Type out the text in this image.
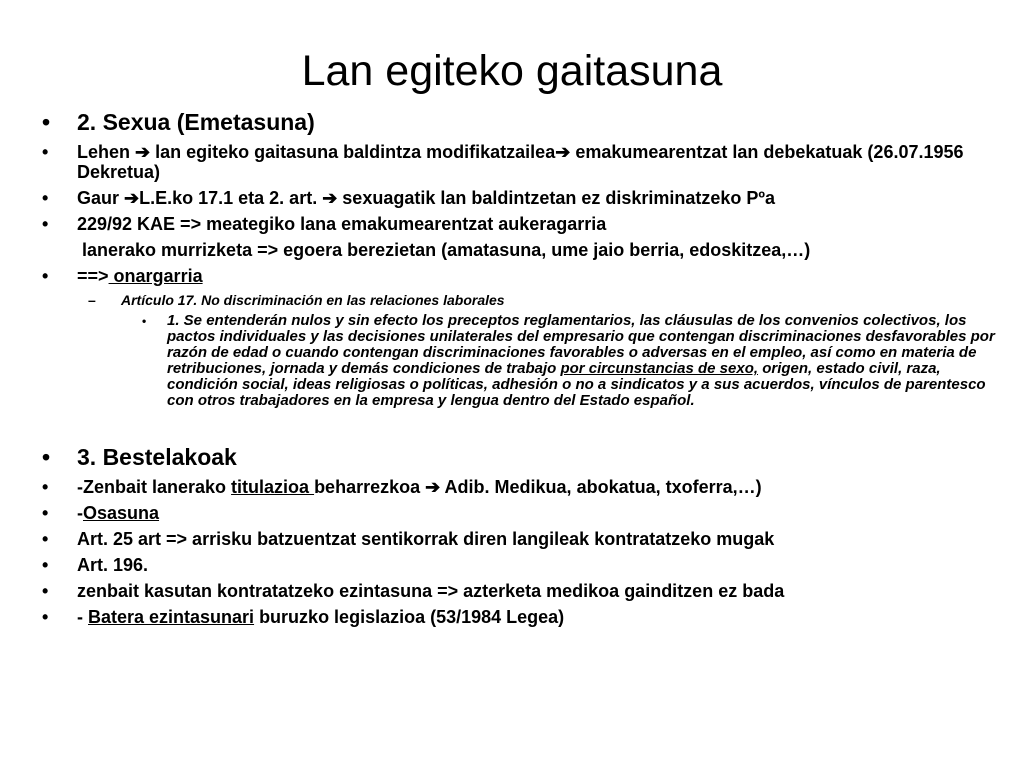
Lan egiteko gaitasuna
• 2. Sexua (Emetasuna)
• Lehen ➔ lan egiteko gaitasuna baldintza modifikatzailea➔ emakumearentzat lan debekatuak (26.07.1956 Dekretua)
• Gaur ➔L.E.ko 17.1 eta 2. art. ➔ sexuagatik lan baldintzetan ez diskriminatzeko Pºa
• 229/92 KAE => meategiko lana emakumearentzat aukeragarria
lanerako murrizketa => egoera berezietan (amatasuna, ume jaio berria, edoskitzea,…)
• ==> onargarria
– Artículo 17. No discriminación en las relaciones laborales
• 1. Se entenderán nulos y sin efecto los preceptos reglamentarios, las cláusulas de los convenios colectivos, los pactos individuales y las decisiones unilaterales del empresario que contengan discriminaciones desfavorables por razón de edad o cuando contengan discriminaciones favorables o adversas en el empleo, así como en materia de retribuciones, jornada y demás condiciones de trabajo por circunstancias de sexo, origen, estado civil, raza, condición social, ideas religiosas o políticas, adhesión o no a sindicatos y a sus acuerdos, vínculos de parentesco con otros trabajadores en la empresa y lengua dentro del Estado español.
• 3. Bestelakoak
• -Zenbait lanerako titulazioa beharrezkoa ➔ Adib. Medikua, abokatua, txoferra,…)
• -Osasuna
• Art. 25 art => arrisku batzuentzat sentikorrak diren langileak kontratatzeko mugak
• Art. 196.
• zenbait kasutan kontratatzeko ezintasuna => azterketa medikoa gainditzen ez bada
• - Batera ezintasunari buruzko legislazioa (53/1984 Legea)
